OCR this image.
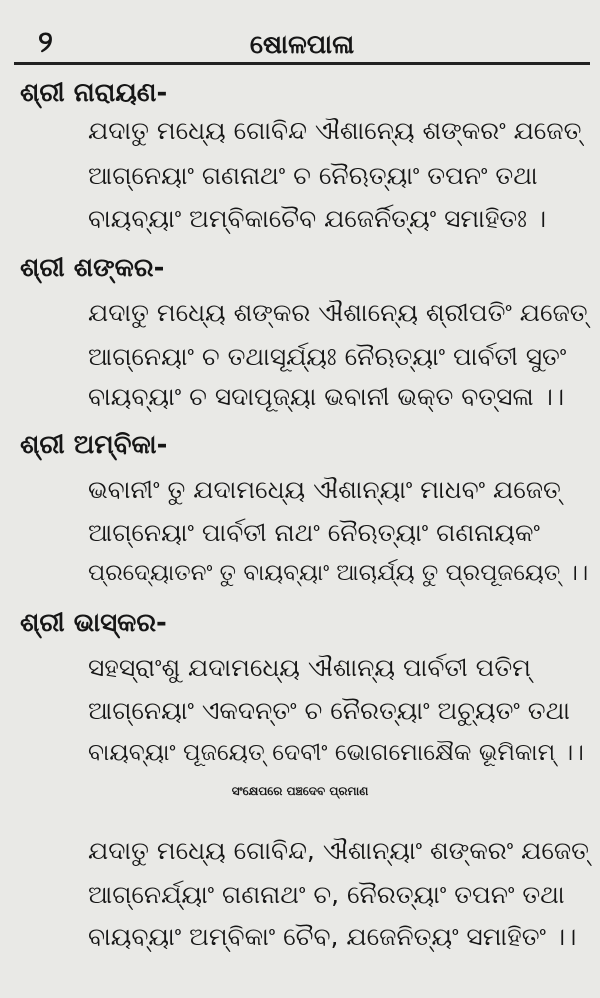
୨	ଷୋଳପାଳା
ଶ୍ରୀ ନାରାୟଣ-
ଯଦାତୁ ମଧ୍ୟେ ଗୋବିନ୍ଦ ଐଶାନ୍ୟେ ଶଙ୍କରଂ ଯଜେତ୍
ଆଗ୍ନେୟାଂ ଗଣନାଥଂ ଚ ନୈଋତ୍ୟାଂ ତପନଂ ତଥା
ବାୟବ୍ୟାଂ ଅମ୍ବିକାଚୈବ ଯଜେର୍ନିତ୍ୟଂ ସମାହିତଃ ।
ଶ୍ରୀ ଶଙ୍କର-
ଯଦାତୁ ମଧ୍ୟେ ଶଙ୍କର ଐଶାନ୍ୟେ ଶ୍ରୀପତିଂ ଯଜେତ୍
ଆଗ୍ନେୟାଂ ଚ ତଥାସୂର୍ଯ୍ୟଃ ନୈଋତ୍ୟାଂ ପାର୍ବତୀ ସୁତଂ
ବାୟବ୍ୟାଂ ଚ ସଦାପୂଜ୍ୟା ଭବାନୀ ଭକ୍ତ ବତ୍ସଳା ।।
ଶ୍ରୀ ଅମ୍ବିକା-
ଭବାନୀଂ ତୁ ଯଦାମଧ୍ୟେ ଐଶାନ୍ୟାଂ ମାଧବଂ ଯଜେତ୍
ଆଗ୍ନେୟାଂ ପାର୍ବତୀ ନାଥଂ ନୈଋତ୍ୟାଂ ଗଣନାୟକଂ
ପ୍ରଦ୍ୟୋତନଂ ତୁ ବାୟବ୍ୟାଂ ଆଚାର୍ଯ୍ୟ ତୁ ପ୍ରପୂଜୟେତ୍ ।।
ଶ୍ରୀ ଭାସ୍କର-
ସହସ୍ରାଂଶୁ ଯଦାମଧ୍ୟେ ଐଶାନ୍ୟ ପାର୍ବତୀ ପତିମ୍
ଆଗ୍ନେୟାଂ ଏକଦନ୍ତଂ ଚ ନୈରତ୍ୟାଂ ଅଚ୍ୟୁତଂ ତଥା
ବାୟବ୍ୟାଂ ପୂଜୟେତ୍ ଦେବୀଂ ଭୋଗମୋକ୍ଷୈକ ଭୂମିକାମ୍ ।।
ସଂକ୍ଷେପରେ ପଞ୍ଚଦେବ ପ୍ରମାଣ
ଯଦାତୁ ମଧ୍ୟେ ଗୋବିନ୍ଦ, ଐଶାନ୍ୟାଂ ଶଙ୍କରଂ ଯଜେତ୍
ଆଗ୍ନେର୍ଯ୍ୟାଂ ଗଣନାଥଂ ଚ, ନୈରତ୍ୟାଂ ତପନଂ ତଥା
ବାୟବ୍ୟାଂ ଅମ୍ବିକାଂ ଚୈବ, ଯଜେନିତ୍ୟଂ ସମାହିତଂ ।।
